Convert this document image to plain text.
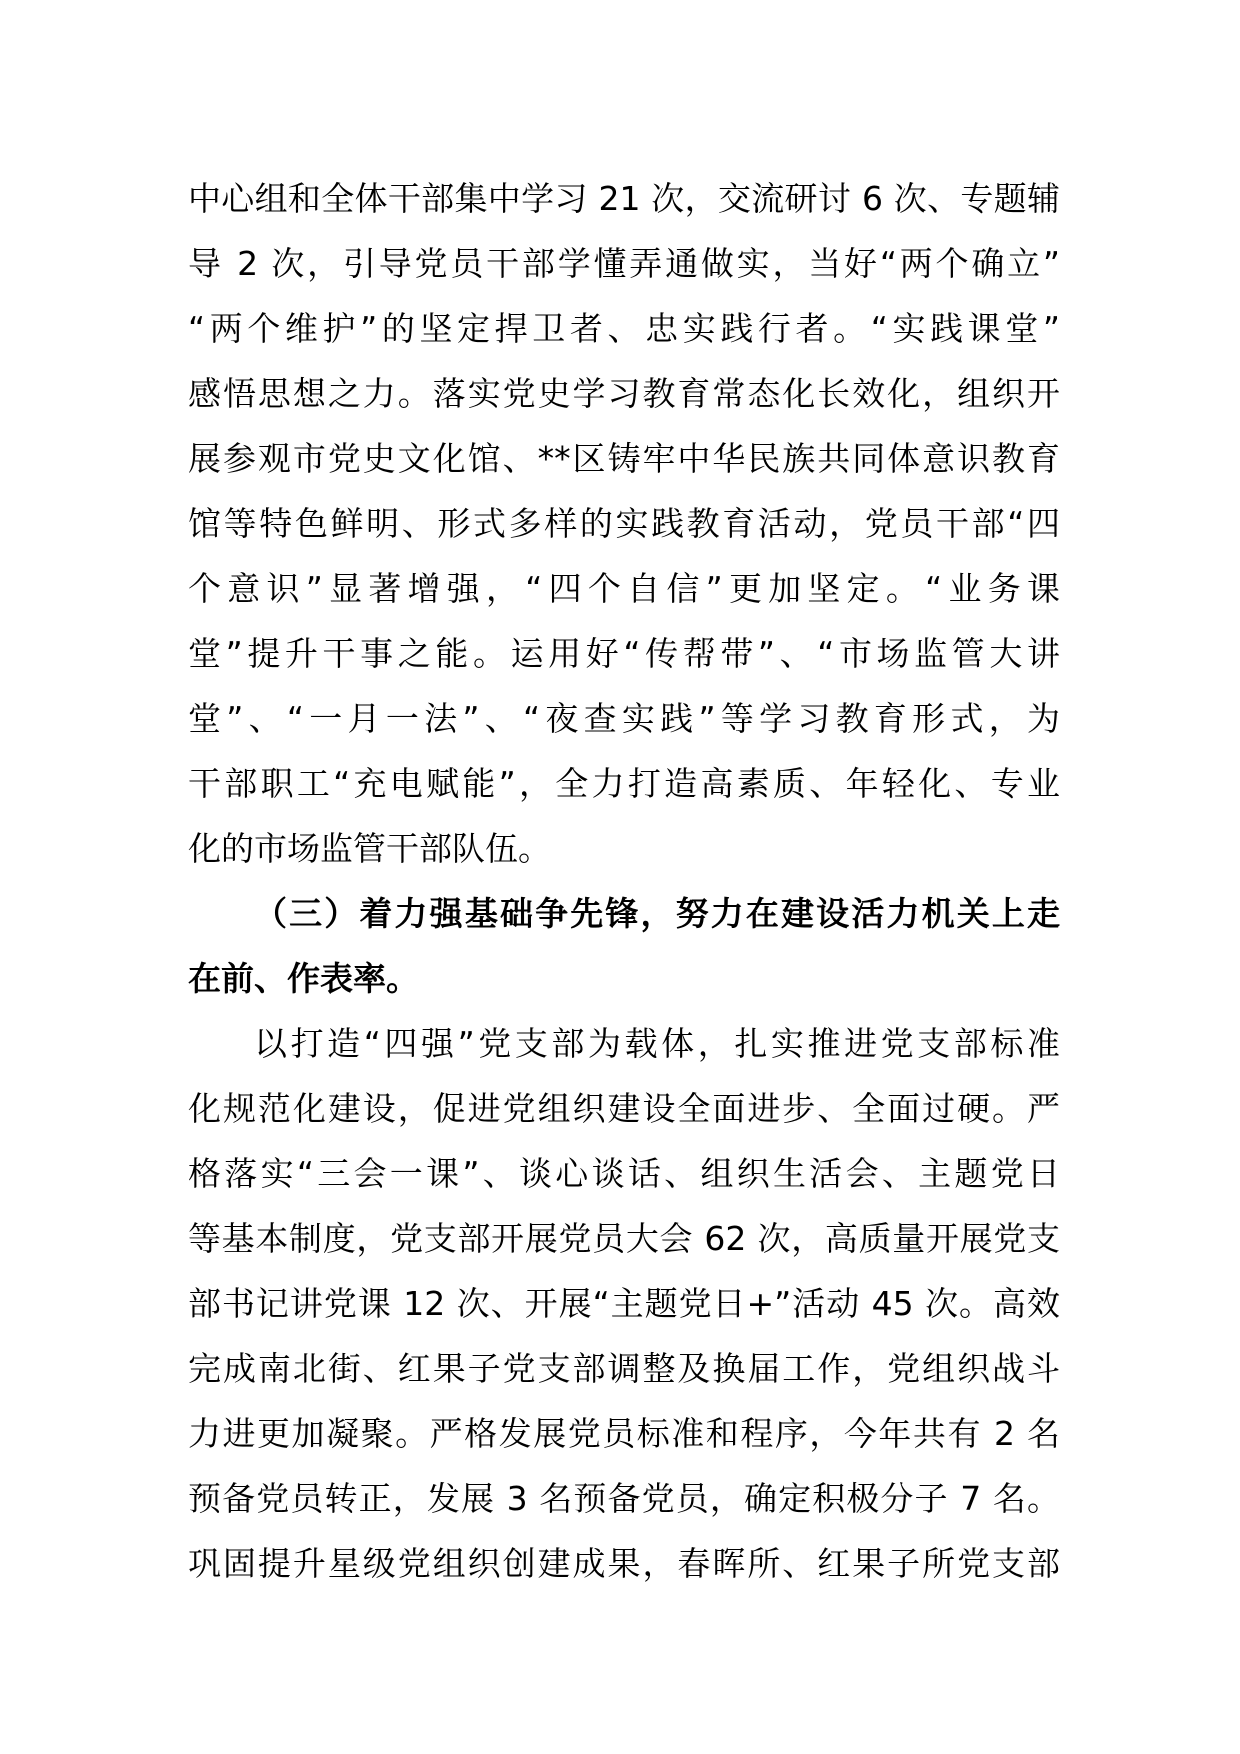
中心组和全体干部集中学习 21 次，交流研讨 6 次、专题辅
导 2 次，引导党员干部学懂弄通做实，当好“两个确立”
“两个维护”的坚定捍卫者、忠实践行者。“实践课堂”
感悟思想之力。落实党史学习教育常态化长效化，组织开
展参观市党史文化馆、**区铸牢中华民族共同体意识教育
馆等特色鲜明、形式多样的实践教育活动，党员干部“四
个意识”显著增强，“四个自信”更加坚定。“业务课
堂”提升干事之能。运用好“传帮带”、“市场监管大讲
堂”、“一月一法”、“夜查实践”等学习教育形式，为
干部职工“充电赋能”，全力打造高素质、年轻化、专业
化的市场监管干部队伍。
（三）着力强基础争先锋，努力在建设活力机关上走
在前、作表率。
以打造“四强”党支部为载体，扎实推进党支部标准
化规范化建设，促进党组织建设全面进步、全面过硬。严
格落实“三会一课”、谈心谈话、组织生活会、主题党日
等基本制度，党支部开展党员大会 62 次，高质量开展党支
部书记讲党课 12 次、开展“主题党日+”活动 45 次。高效
完成南北街、红果子党支部调整及换届工作，党组织战斗
力进更加凝聚。严格发展党员标准和程序，今年共有 2 名
预备党员转正，发展 3 名预备党员，确定积极分子 7 名。
巩固提升星级党组织创建成果，春晖所、红果子所党支部
